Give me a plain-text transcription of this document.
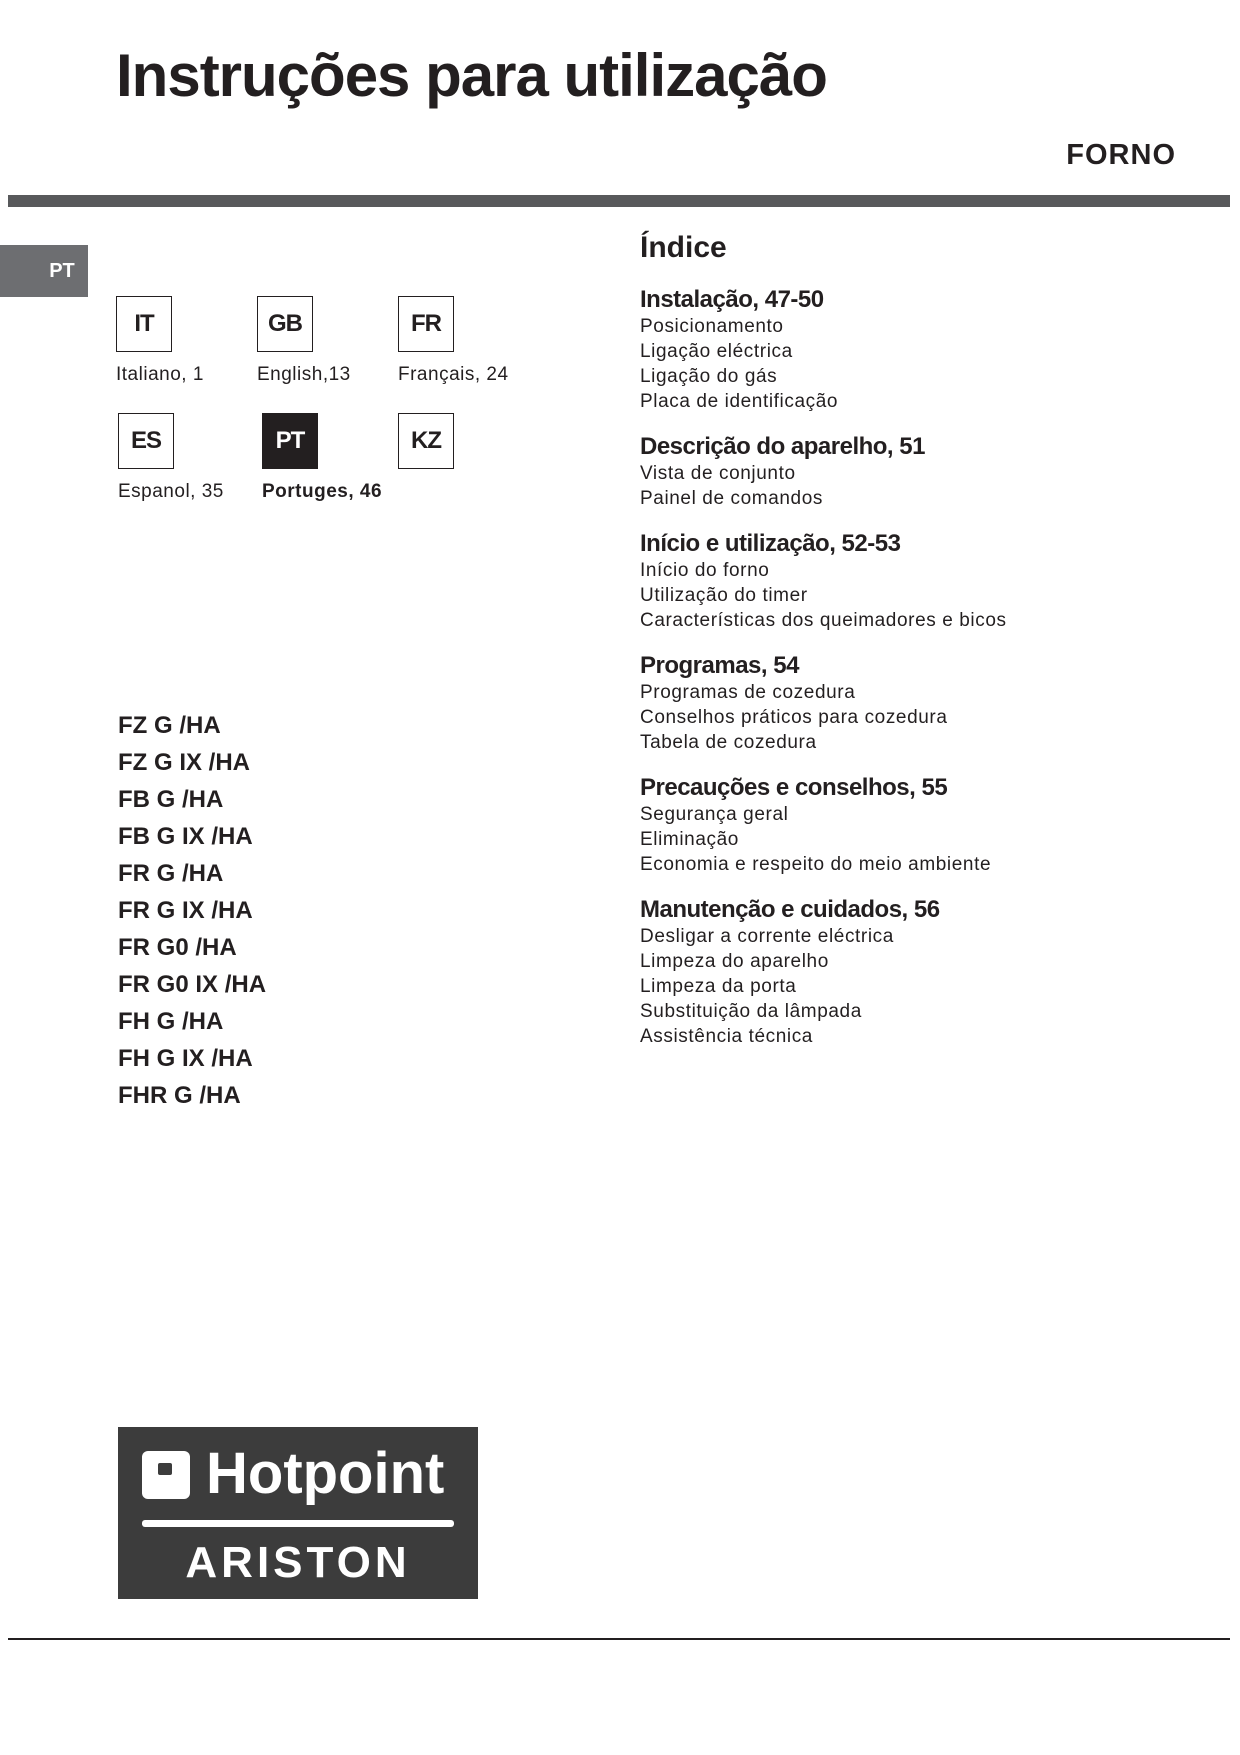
Instruções para utilização
FORNO
PT
IT
Italiano, 1
GB
English,13
FR
Français, 24
ES
Espanol, 35
PT
Portuges, 46
KZ
FZ G /HA
FZ G IX /HA
FB G /HA
FB G IX /HA
FR G /HA
FR G IX /HA
FR G0 /HA
FR G0 IX /HA
FH G /HA
FH G IX /HA
FHR G /HA
Índice
Instalação, 47-50
Posicionamento
Ligação eléctrica
Ligação do gás
Placa de identificação
Descrição do aparelho, 51
Vista de conjunto
Painel de comandos
Início e utilização, 52-53
Início do forno
Utilização do timer
Características dos queimadores e bicos
Programas, 54
Programas de cozedura
Conselhos práticos para cozedura
Tabela de cozedura
Precauções e conselhos, 55
Segurança geral
Eliminação
Economia e respeito do meio ambiente
Manutenção e cuidados, 56
Desligar a corrente eléctrica
Limpeza do aparelho
Limpeza da porta
Substituição da lâmpada
Assistência técnica
Hotpoint
ARISTON
